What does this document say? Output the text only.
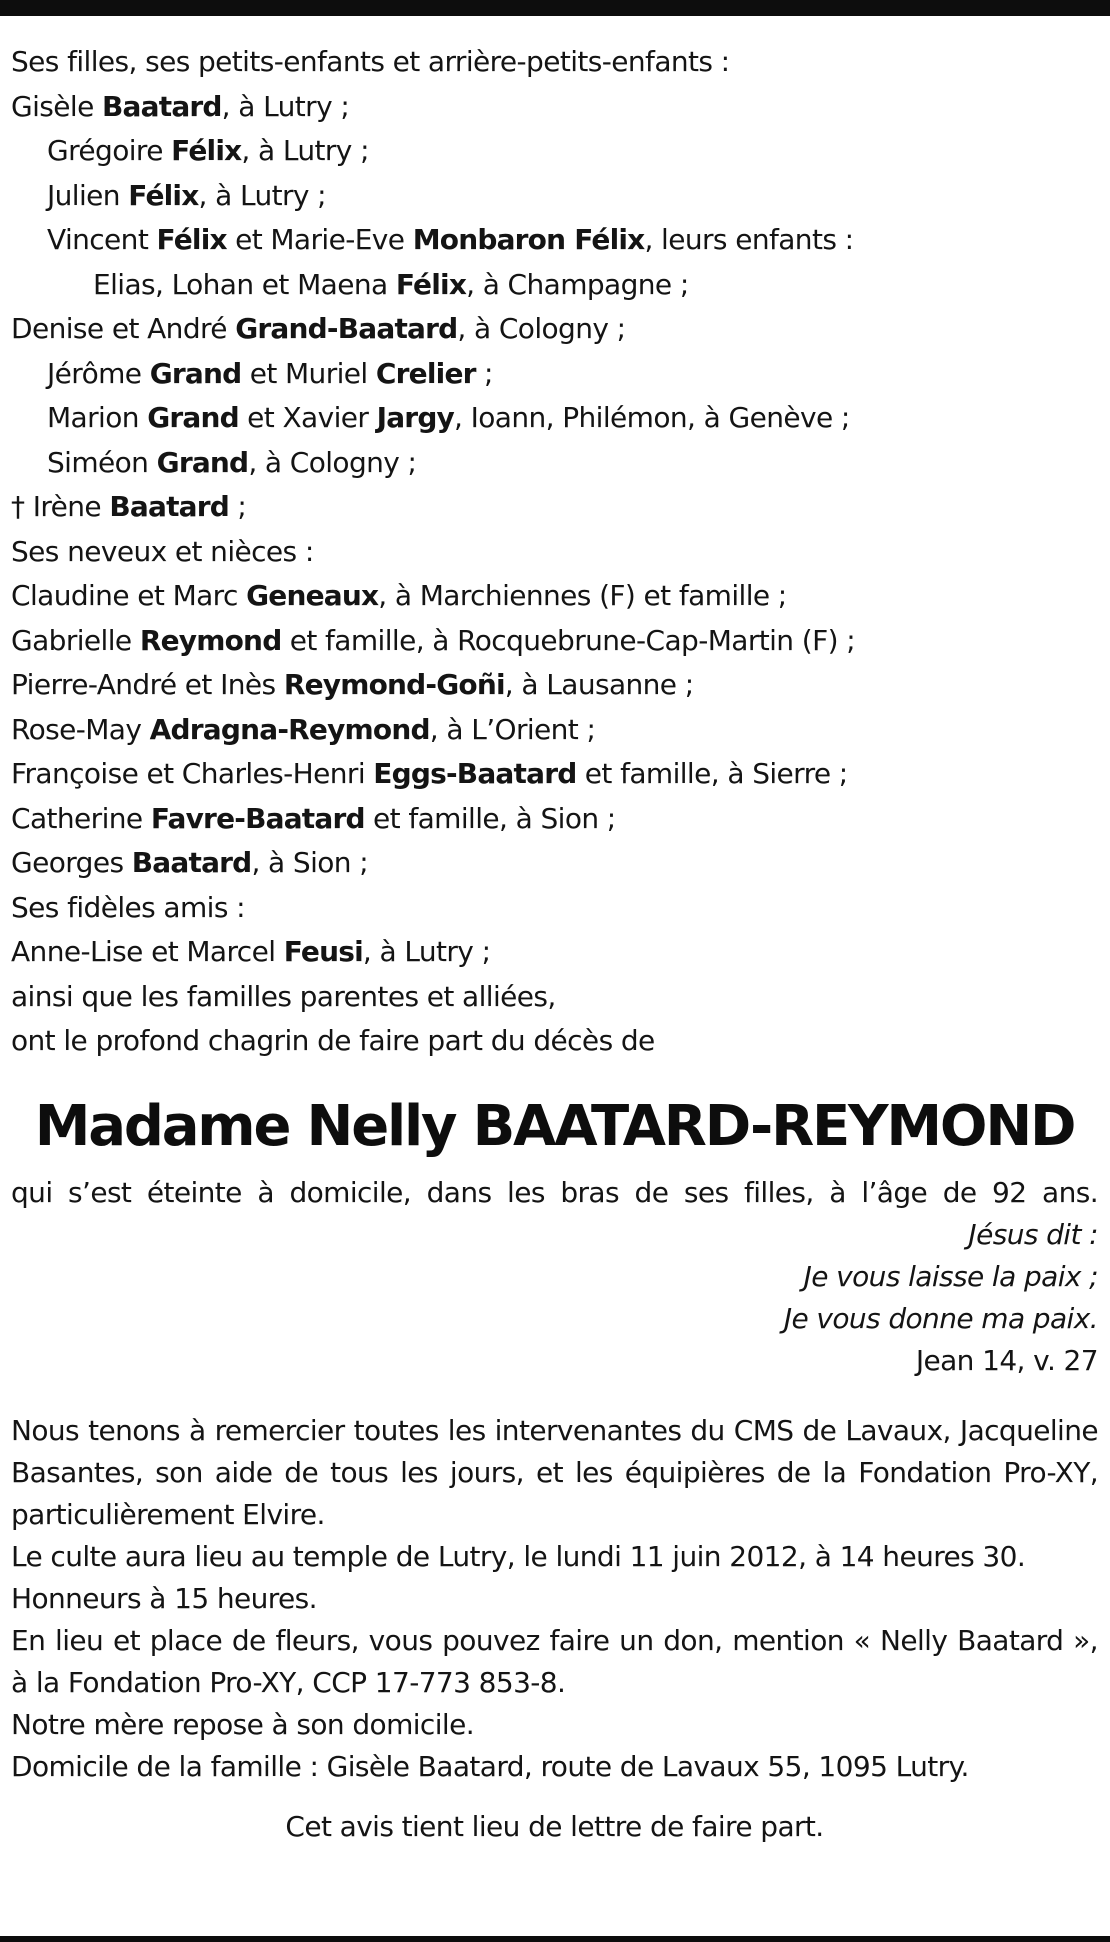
Ses filles, ses petits-enfants et arrière-petits-enfants :
Gisèle Baatard, à Lutry ;
Grégoire Félix, à Lutry ;
Julien Félix, à Lutry ;
Vincent Félix et Marie-Eve Monbaron Félix, leurs enfants :
Elias, Lohan et Maena Félix, à Champagne ;
Denise et André Grand-Baatard, à Cologny ;
Jérôme Grand et Muriel Crelier ;
Marion Grand et Xavier Jargy, Ioann, Philémon, à Genève ;
Siméon Grand, à Cologny ;
† Irène Baatard ;
Ses neveux et nièces :
Claudine et Marc Geneaux, à Marchiennes (F) et famille ;
Gabrielle Reymond et famille, à Rocquebrune-Cap-Martin (F) ;
Pierre-André et Inès Reymond-Goñi, à Lausanne ;
Rose-May Adragna-Reymond, à L’Orient ;
Françoise et Charles-Henri Eggs-Baatard et famille, à Sierre ;
Catherine Favre-Baatard et famille, à Sion ;
Georges Baatard, à Sion ;
Ses fidèles amis :
Anne-Lise et Marcel Feusi, à Lutry ;
ainsi que les familles parentes et alliées,
ont le profond chagrin de faire part du décès de
Madame Nelly BAATARD-REYMOND
qui s’est éteinte à domicile, dans les bras de ses filles, à l’âge de 92 ans.
Jésus dit :
Je vous laisse la paix ;
Je vous donne ma paix.
Jean 14, v. 27
Nous tenons à remercier toutes les intervenantes du CMS de Lavaux, Jacqueline Basantes, son aide de tous les jours, et les équipières de la Fondation Pro-XY, particulièrement Elvire.
Le culte aura lieu au temple de Lutry, le lundi 11 juin 2012, à 14 heures 30.
Honneurs à 15 heures.
En lieu et place de fleurs, vous pouvez faire un don, mention « Nelly Baatard », à la Fondation Pro-XY, CCP 17-773 853-8.
Notre mère repose à son domicile.
Domicile de la famille : Gisèle Baatard, route de Lavaux 55, 1095 Lutry.
Cet avis tient lieu de lettre de faire part.
